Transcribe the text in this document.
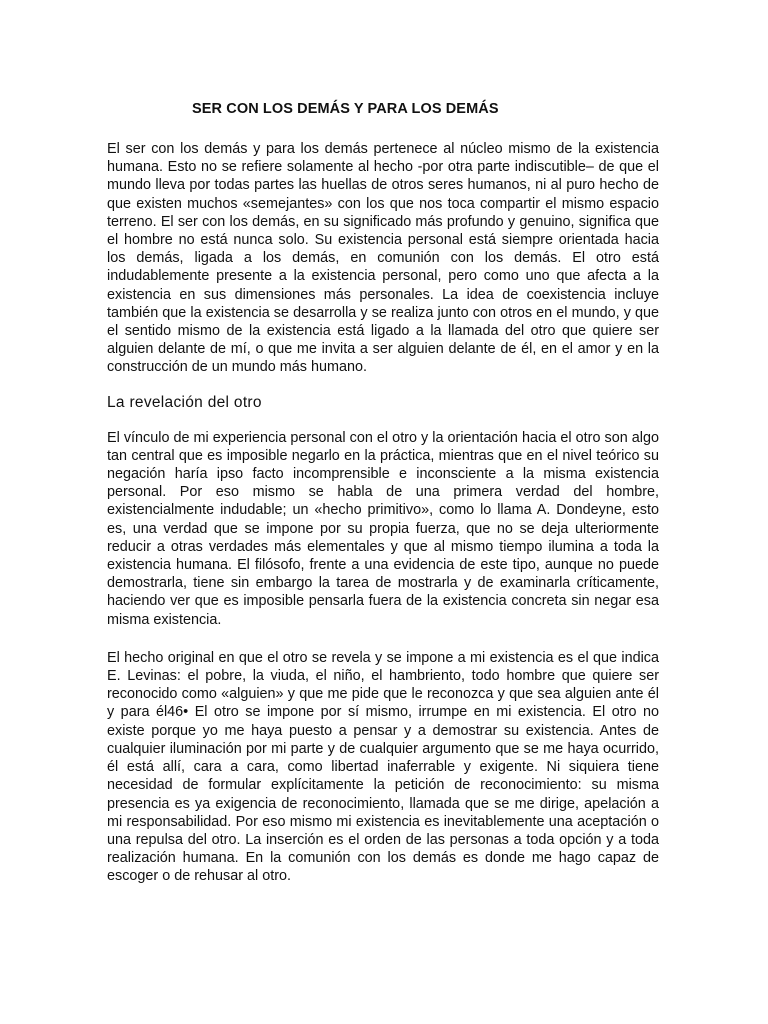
SER CON LOS DEMÁS Y PARA LOS DEMÁS

El ser con los demás y para los demás pertenece al núcleo mismo de la existencia humana. Esto no se refiere solamente al hecho -por otra parte indiscutible– de que el mundo lleva por todas partes las huellas de otros seres humanos, ni al puro hecho de que existen muchos «semejantes» con los que nos toca compartir el mismo espacio terreno. El ser con los demás, en su significado más profundo y genuino, significa que el hombre no está nunca solo. Su existencia personal está siempre orientada hacia los demás, ligada a los demás, en comunión con los demás. El otro está indudablemente presente a la existencia personal, pero como uno que afecta a la existencia en sus dimensiones más personales. La idea de coexistencia incluye también que la existencia se desarrolla y se realiza junto con otros en el mundo, y que el sentido mismo de la existencia está ligado a la llamada del otro que quiere ser alguien delante de mí, o que me invita a ser alguien delante de él, en el amor y en la construcción de un mundo más humano.

La revelación del otro

El vínculo de mi experiencia personal con el otro y la orientación hacia el otro son algo tan central que es imposible negarlo en la práctica, mientras que en el nivel teórico su negación haría ipso facto incomprensible e inconsciente a la misma existencia personal. Por eso mismo se habla de una primera verdad del hombre, existencialmente indudable; un «hecho primitivo», como lo llama A. Dondeyne, esto es, una verdad que se impone por su propia fuerza, que no se deja ulteriormente reducir a otras verdades más elementales y que al mismo tiempo ilumina a toda la existencia humana. El filósofo, frente a una evidencia de este tipo, aunque no puede demostrarla, tiene sin embargo la tarea de mostrarla y de examinarla críticamente, haciendo ver que es imposible pensarla fuera de la existencia concreta sin negar esa misma existencia.

El hecho original en que el otro se revela y se impone a mi existencia es el que indica E. Levinas: el pobre, la viuda, el niño, el hambriento, todo hombre que quiere ser reconocido como «alguien» y que me pide que le reconozca y que sea alguien ante él y para él46• El otro se impone por sí mismo, irrumpe en mi existencia. El otro no existe porque yo me haya puesto a pensar y a demostrar su existencia. Antes de cualquier iluminación por mi parte y de cualquier argumento que se me haya ocurrido, él está allí, cara a cara, como libertad inaferrable y exigente. Ni siquiera tiene necesidad de formular explícitamente la petición de reconocimiento: su misma presencia es ya exigencia de reconocimiento, llamada que se me dirige, apelación a mi responsabilidad. Por eso mismo mi existencia es inevitablemente una aceptación o una repulsa del otro. La inserción es el orden de las personas a toda opción y a toda realización humana. En la comunión con los demás es donde me hago capaz de escoger o de rehusar al otro.
